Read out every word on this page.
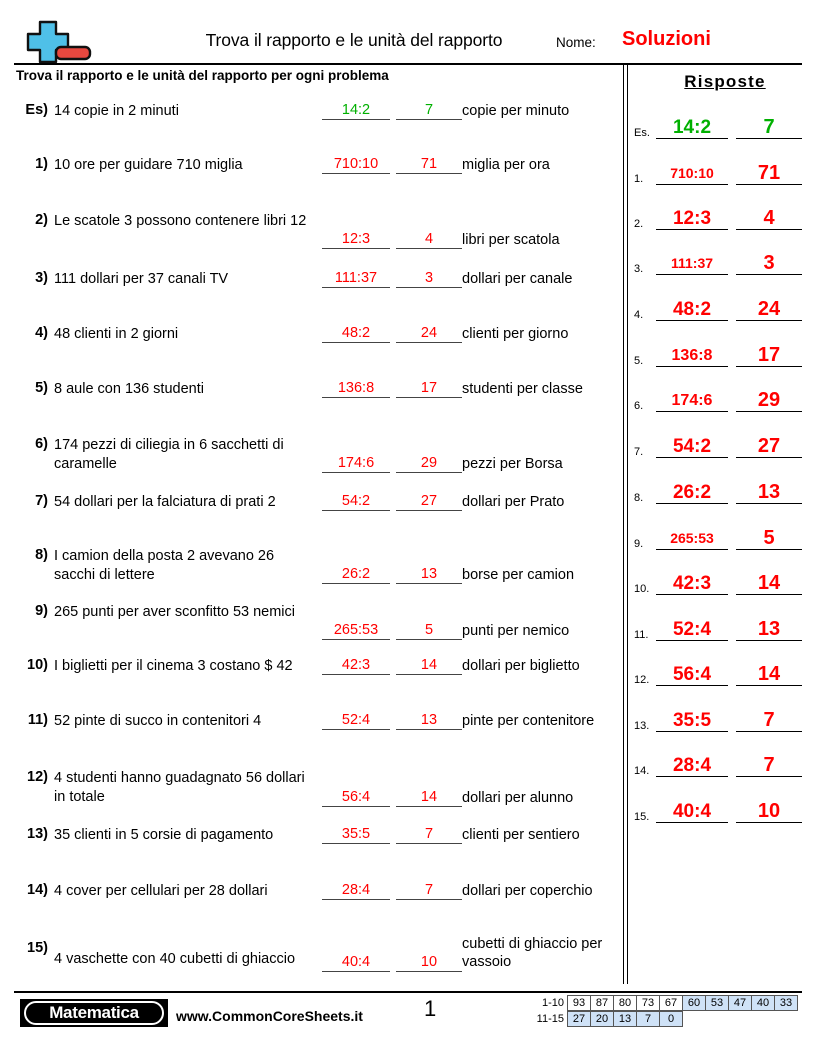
Trova il rapporto e le unità del rapporto	Nome: Soluzioni
Trova il rapporto e le unità del rapporto per ogni problema	Risposte
Es.	14:2	7
1.	710:10	71
2.	12:3	4
3.	111:37	3
4.	48:2	24
5.	136:8	17
6.	174:6	29
7.	54:2	27
8.	26:2	13
9.	265:53	5
10.	42:3	14
11.	52:4	13
12.	56:4	14
13.	35:5	7
14.	28:4	7
15.	40:4	10
Es) 14 copie in 2 minuti	14:2	7	copie per minuto
1) 10 ore per guidare 710 miglia	710:10	71	miglia per ora
2) Le scatole 3 possono contenere libri 12
12:3	4	libri per scatola
3) 111 dollari per 37 canali TV	111:37	3	dollari per canale
4) 48 clienti in 2 giorni	48:2	24	clienti per giorno
5) 8 aule con 136 studenti	136:8	17	studenti per classe
6) 174 pezzi di ciliegia in 6 sacchetti di caramelle	174:6	29	pezzi per Borsa
7) 54 dollari per la falciatura di prati 2	54:2	27	dollari per Prato
8) I camion della posta 2 avevano 26 sacchi di lettere	26:2	13	borse per camion
9) 265 punti per aver sconfitto 53 nemici
265:53	5	punti per nemico
10) I biglietti per il cinema 3 costano $ 42	42:3	14	dollari per biglietto
11) 52 pinte di succo in contenitori 4	52:4	13	pinte per contenitore
12) 4 studenti hanno guadagnato 56 dollari in totale	56:4	14	dollari per alunno
13) 35 clienti in 5 corsie di pagamento	35:5	7	clienti per sentiero
14) 4 cover per cellulari per 28 dollari	28:4	7	dollari per coperchio
15)
4 vaschette con 40 cubetti di ghiaccio	40:4	10
cubetti di ghiaccio per vassoio
Matematica	www.CommonCoreSheets.it	1	1-10 93 87 80 73 67 60 53 47 40 33
11-15 27 20 13	7	0
